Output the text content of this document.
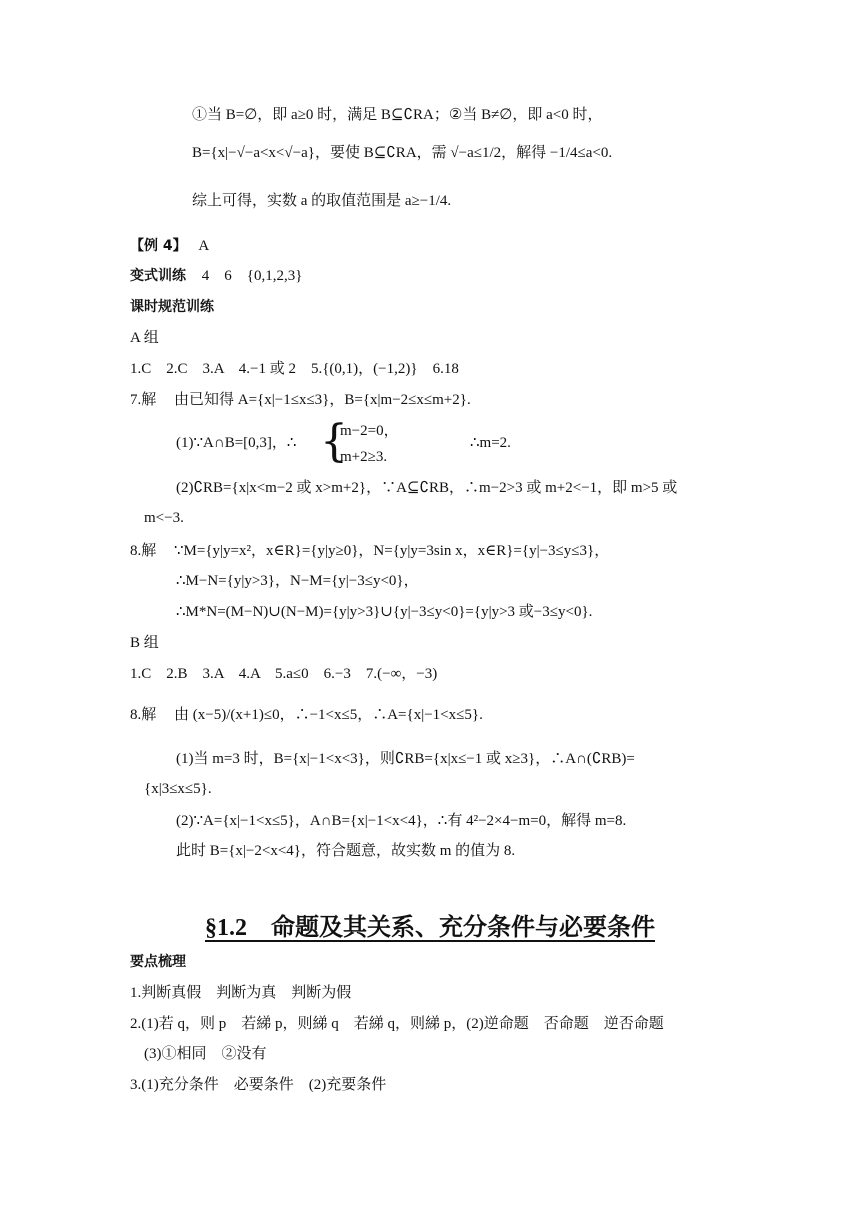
①当 B=∅，即 a≥0 时，满足 B⊆∁RA；②当 B≠∅，即 a<0 时，
B={x|−√−a<x<√−a}，要使 B⊆∁RA，需 √−a≤1/2，解得 −1/4≤a<0.
综上可得，实数 a 的取值范围是 a≥−1/4.
【例 4】 A
变式训练 4　6　{0,1,2,3}
课时规范训练
A 组
1.C　2.C　3.A　4.−1 或 2　5.{(0,1)，(−1,2)}　6.18
7.解 由已知得 A={x|−1≤x≤3}，B={x|m−2≤x≤m+2}.
(1)∵A∩B=[0,3]，∴ {
m−2=0，
m+2≥3.
∴m=2.
(2)∁RB={x|x<m−2 或 x>m+2}，∵A⊆∁RB，∴m−2>3 或 m+2<−1，即 m>5 或
m<−3.
8.解 ∵M={y|y=x²，x∈R}={y|y≥0}，N={y|y=3sin x，x∈R}={y|−3≤y≤3}，
∴M−N={y|y>3}，N−M={y|−3≤y<0}，
∴M*N=(M−N)∪(N−M)={y|y>3}∪{y|−3≤y<0}={y|y>3 或−3≤y<0}.
B 组
1.C　2.B　3.A　4.A　5.a≤0　6.−3　7.(−∞，−3)
8.解 由 (x−5)/(x+1)≤0，∴−1<x≤5，∴A={x|−1<x≤5}.
(1)当 m=3 时，B={x|−1<x<3}，则∁RB={x|x≤−1 或 x≥3}，∴A∩(∁RB)=
{x|3≤x≤5}.
(2)∵A={x|−1<x≤5}，A∩B={x|−1<x<4}，∴有 4²−2×4−m=0，解得 m=8.
此时 B={x|−2<x<4}，符合题意，故实数 m 的值为 8.
§1.2　命题及其关系、充分条件与必要条件
要点梳理
1.判断真假　判断为真　判断为假
2.(1)若 q，则 p　若綈 p，则綈 q　若綈 q，则綈 p，(2)逆命题　否命题　逆否命题
(3)①相同　②没有
3.(1)充分条件　必要条件　(2)充要条件
